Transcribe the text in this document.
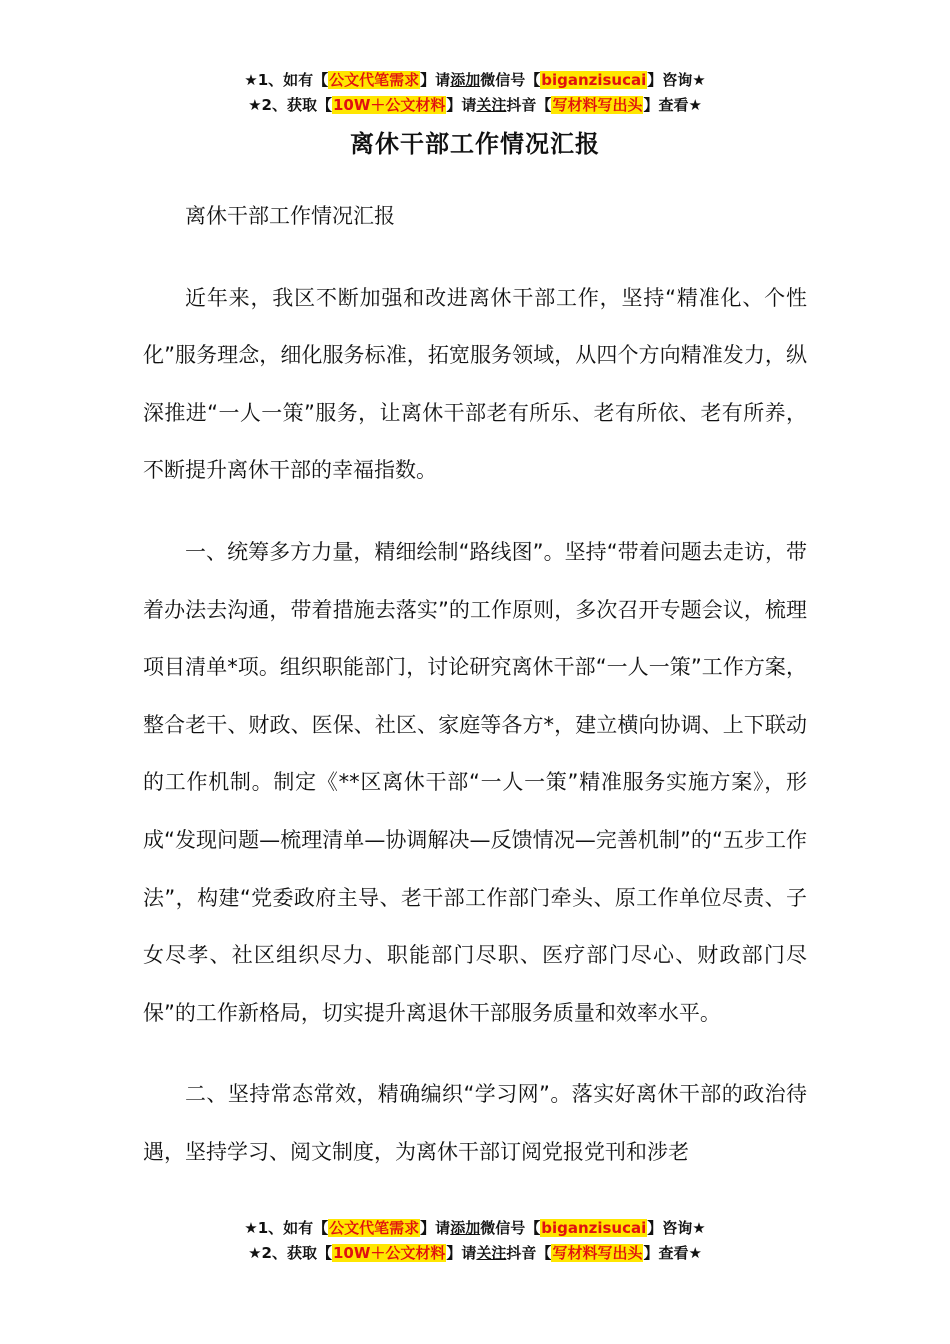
★1、如有【公文代笔需求】请添加微信号【biganzisucai】咨询★
★2、获取【10W＋公文材料】请关注抖音【写材料写出头】查看★
离休干部工作情况汇报

离休干部工作情况汇报

近年来，我区不断加强和改进离休干部工作，坚持“精准化、个性化”服务理念，细化服务标准，拓宽服务领域，从四个方向精准发力，纵深推进“一人一策”服务，让离休干部老有所乐、老有所依、老有所养，不断提升离休干部的幸福指数。

一、统筹多方力量，精细绘制“路线图”。坚持“带着问题去走访，带着办法去沟通，带着措施去落实”的工作原则，多次召开专题会议，梳理项目清单*项。组织职能部门，讨论研究离休干部“一人一策”工作方案，整合老干、财政、医保、社区、家庭等各方*，建立横向协调、上下联动的工作机制。制定《**区离休干部“一人一策”精准服务实施方案》，形成“发现问题—梳理清单—协调解决—反馈情况—完善机制”的“五步工作法”，构建“党委政府主导、老干部工作部门牵头、原工作单位尽责、子女尽孝、社区组织尽力、职能部门尽职、医疗部门尽心、财政部门尽保”的工作新格局，切实提升离退休干部服务质量和效率水平。

二、坚持常态常效，精确编织“学习网”。落实好离休干部的政治待遇，坚持学习、阅文制度，为离休干部订阅党报党刊和涉老

★1、如有【公文代笔需求】请添加微信号【biganzisucai】咨询★
★2、获取【10W＋公文材料】请关注抖音【写材料写出头】查看★
